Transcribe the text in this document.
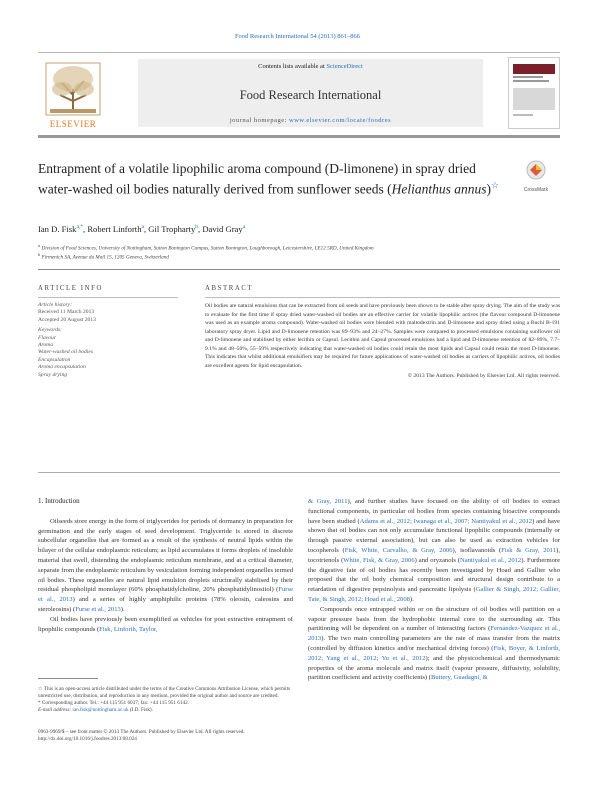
Food Research International 54 (2013) 861–866
ELSEVIER
Contents lists available at ScienceDirect
Food Research International
journal homepage: www.elsevier.com/locate/foodres
Entrapment of a volatile lipophilic aroma compound (D-limonene) in spray dried water-washed oil bodies naturally derived from sunflower seeds (Helianthus annus)☆	CrossMark
Ian D. Fisk$^{a,*}$, Robert Linforth$^a$, Gil Tropharty$^b$, David Gray$^a$
$^a$ Division of Food Sciences, University of Nottingham, Sutton Bonington Campus, Sutton Bonington, Loughborough, Leicestershire, LE12 5RD, United Kingdom
$^b$ Firmenich SA, Avenue du Mail 15, 1205 Geneva, Switzerland
ARTICLE INFO
Article history:
Received 11 March 2013
Accepted 20 August 2013
Keywords:
Flavour
Aroma
Water-washed oil bodies
Encapsulation
Aroma encapsulation
Spray drying
ABSTRACT
Oil bodies are natural emulsions that can be extracted from oil seeds and have previously been shown to be stable after spray drying. The aim of the study was to evaluate for the first time if spray dried water-washed oil bodies are an effective carrier for volatile lipophilic actives (the flavour compound D-limonene was used as an example aroma compound). Water-washed oil bodies were blended with maltodextrin and D-limonene and spray dried using a Buchi B-191 laboratory spray dryer. Lipid and D-limonene retention was 89–93% and 24–27%. Samples were compared to processed emulsions containing sunflower oil and D-limonene and stabilised by either lecithin or Capsul. Lecithin and Capsul processed emulsions had a lipid and D-limonene retention of 82–89%, 7.7–9.1% and 48–50%, 55–59% respectively indicating that water-washed oil bodies could retain the most lipids and Capsul could retain the most D-limonene. This indicates that whilst additional emulsifiers may be required for future applications of water-washed oil bodies as carriers of lipophilic actives, oil bodies are excellent agents for lipid encapsulation.
© 2013 The Authors. Published by Elsevier Ltd. All rights reserved.
1. Introduction

Oilseeds store energy in the form of triglycerides for periods of dormancy in preparation for germination and the early stages of seed development. Triglyceride is stored in discrete subcellular organelles that are formed as a result of the synthesis of neutral lipids within the bilayer of the cellular endoplasmic reticulum; as lipid accumulates it forms droplets of insoluble material that swell, distending the endoplasmic reticulum membrane, and at a critical diameter, separate from the endoplasmic reticulum by vesiculation forming independent organelles termed oil bodies. These organelles are natural lipid emulsion droplets structurally stabilised by their residual phospholipid monolayer (60% phosphatidylcholine, 20% phosphatidylinositol) (Furse et al., 2013) and a series of highly amphiphilic proteins (78% oleosin, caleosins and steroleosins) (Furse et al., 2013).

Oil bodies have previously been exemplified as vehicles for post extractive entrapment of lipophilic compounds (Fisk, Linforth, Taylor,

☆ This is an open-access article distributed under the terms of the Creative Commons Attribution License, which permits unrestricted use, distribution, and reproduction in any medium, provided the original author and source are credited.
* Corresponding author. Tel.: +44 115 951 6037; fax: +44 115 951 6142.
E-mail address: ian.fisk@nottingham.ac.uk (I.D. Fisk).
0963-9969/$ – see front matter © 2013 The Authors. Published by Elsevier Ltd. All rights reserved.
http://dx.doi.org/10.1016/j.foodres.2013.08.024

& Gray, 2011), and further studies have focused on the ability of oil bodies to extract functional components, in particular oil bodies from species containing bioactive compounds have been studied (Adams et al., 2012; Iwanaga et al., 2007; Nantiyakul et al., 2012) and have shown that oil bodies can not only accumulate functional lipophilic compounds (internally or through passive external association), but can also be used as extraction vehicles for tocopherols (Fisk, White, Carvalho, & Gray, 2006), isoflavanoids (Fisk & Gray, 2011), tocotrienols (White, Fisk, & Gray, 2006) and oryzanols (Nantiyakul et al., 2012). Furthermore the digestive fate of oil bodies has recently been investigated by Hoad and Gallier who proposed that the oil body chemical composition and structural design contribute to a retardation of digestive pepsinolysis and pancreatic lipolysis (Gallier & Singh, 2012; Gallier, Tate, & Singh, 2012; Hoad et al., 2008).

Compounds once entrapped within or on the structure of oil bodies will partition on a vapour pressure basis from the hydrophobic internal core to the surrounding air. This partitioning will be dependent on a number of interacting factors (Fernandez-Vazquez et al., 2013). The two main controlling parameters are the rate of mass transfer from the matrix (controlled by diffusion kinetics and/or mechanical driving forces) (Fisk, Boyer, & Linforth, 2012; Yang et al., 2012; Yu et al., 2012); and the physicochemical and thermodynamic properties of the aroma molecule and matrix itself (vapour pressure, diffusivity, solubility, partition coefficient and activity coefficients) (Buttery, Guadagni, &
